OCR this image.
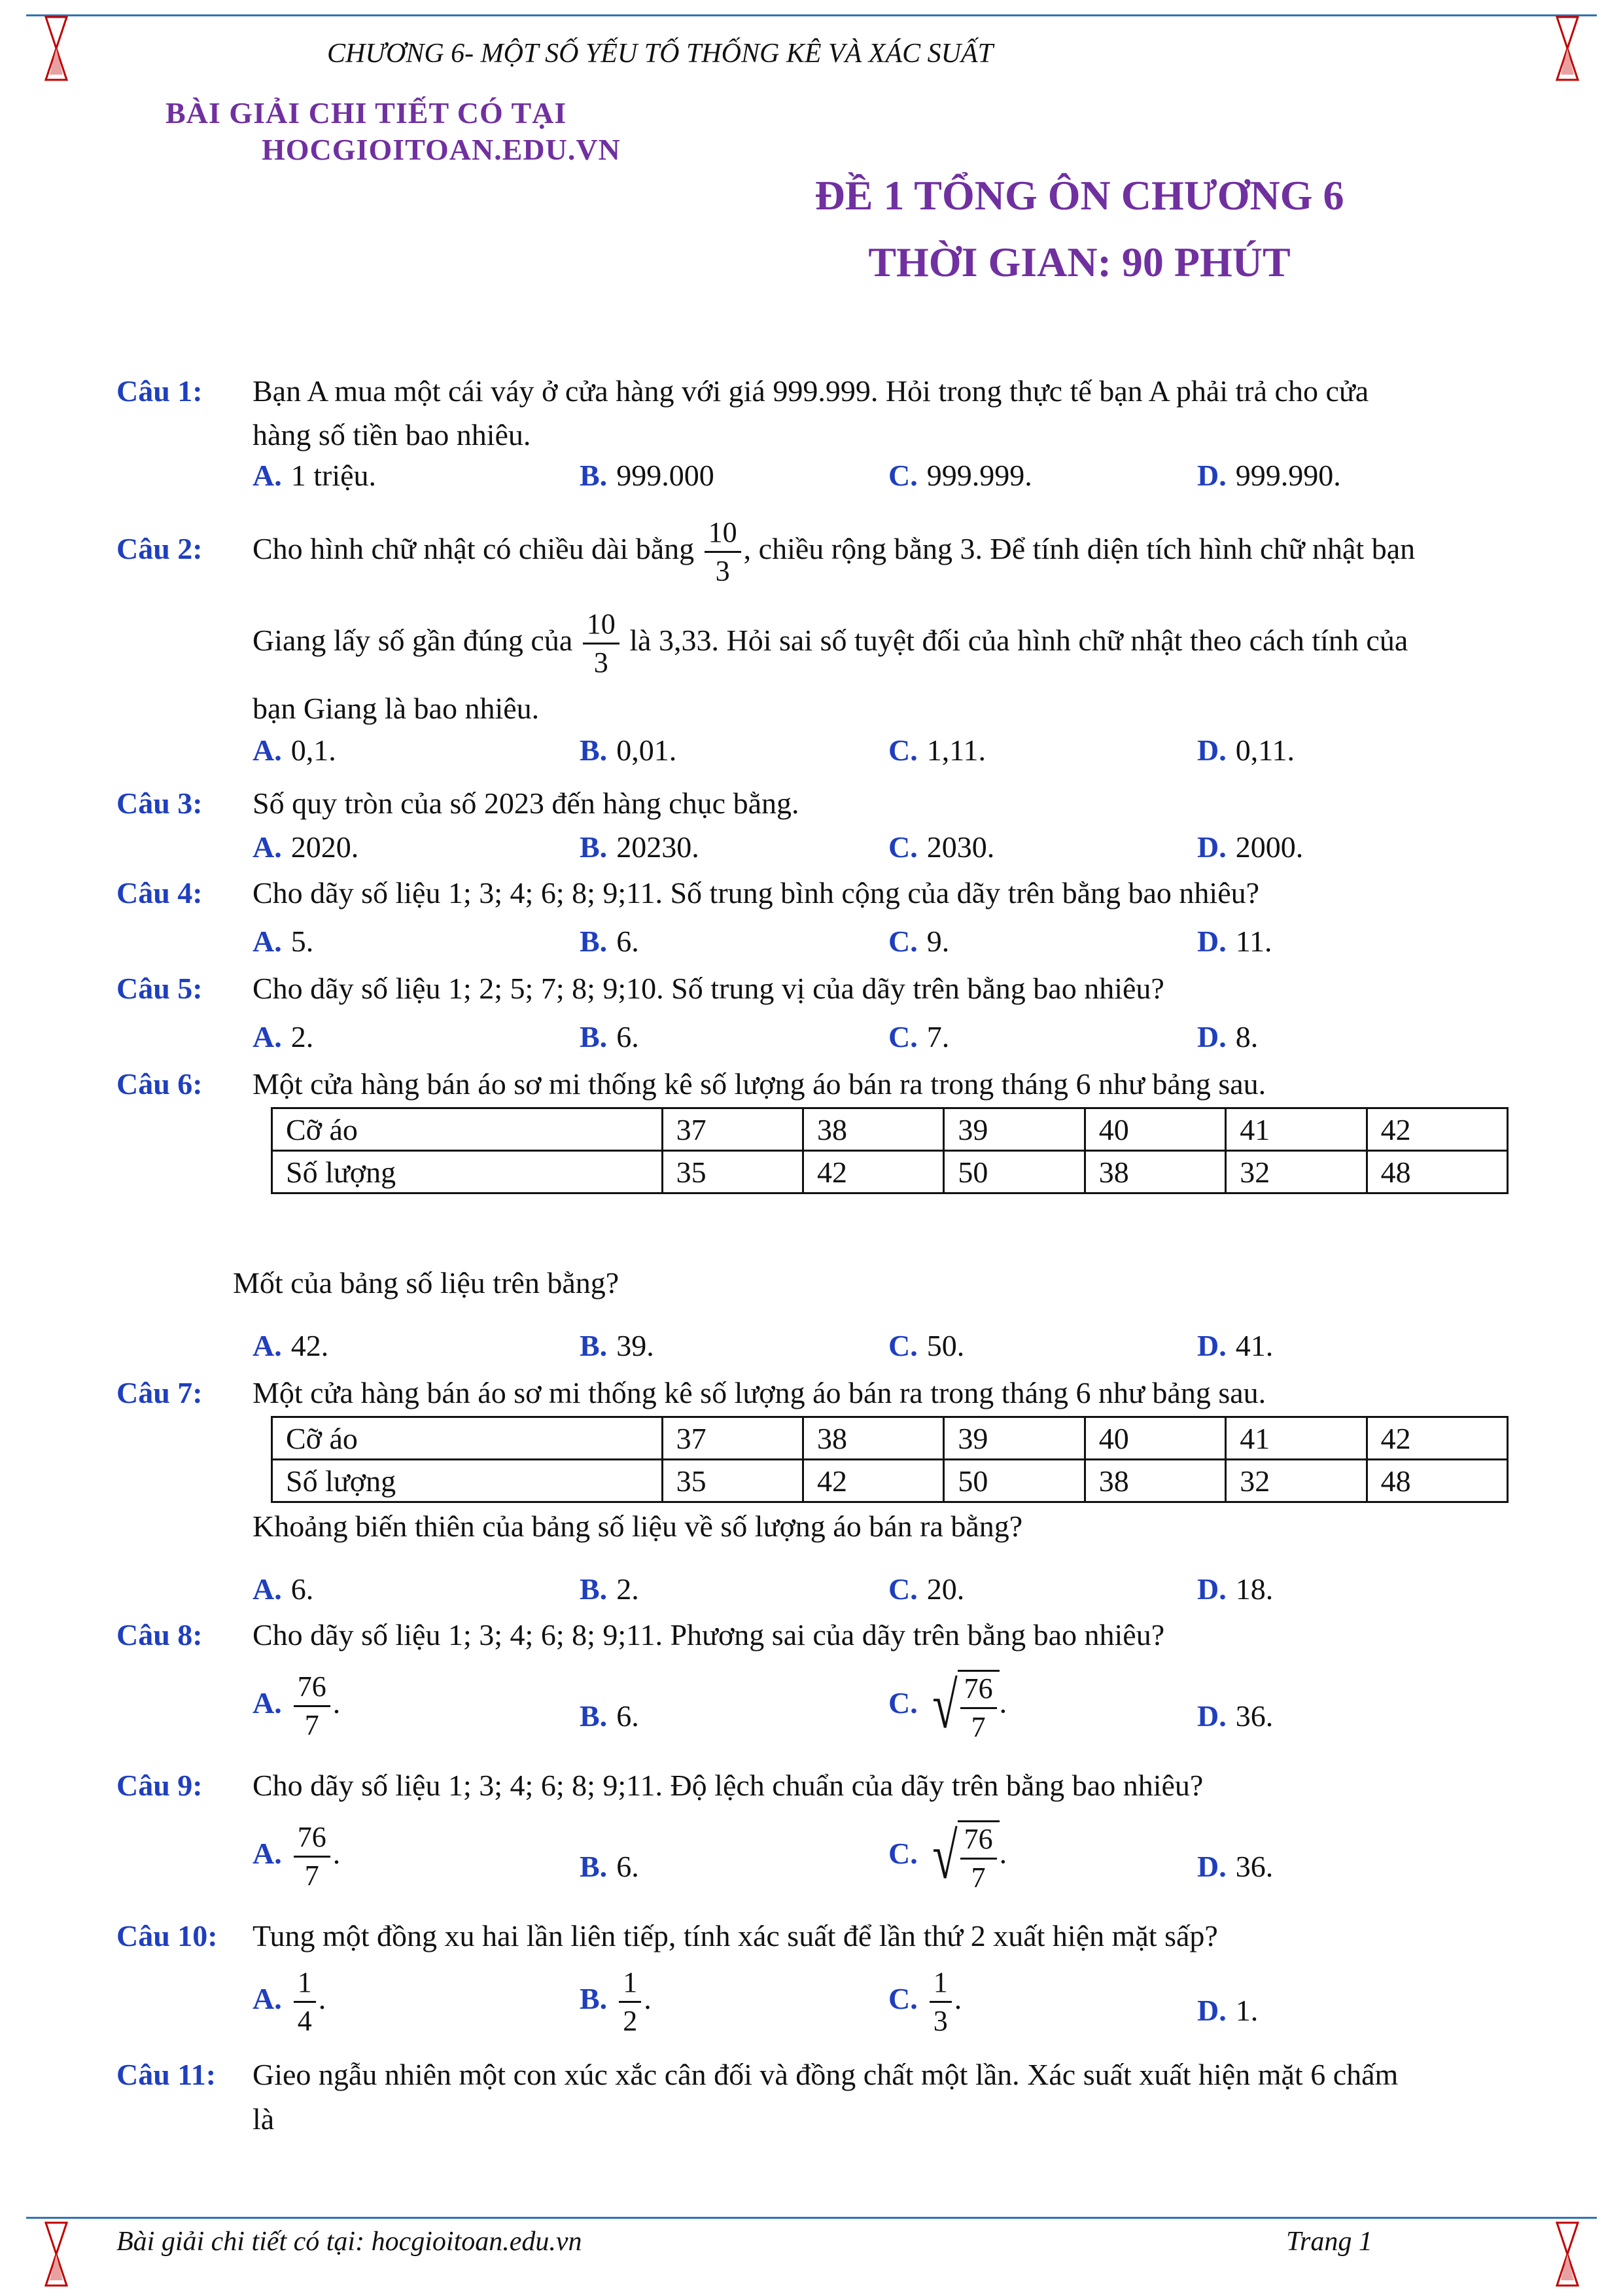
CHƯƠNG 6- MỘT SỐ YẾU TỐ THỐNG KÊ VÀ XÁC SUẤT
BÀI GIẢI CHI TIẾT CÓ TẠI
HOCGIOITOAN.EDU.VN
ĐỀ 1 TỔNG ÔN CHƯƠNG 6
THỜI GIAN: 90 PHÚT
Câu 1:	Bạn A mua một cái váy ở cửa hàng với giá 999.999. Hỏi trong thực tế bạn A phải trả cho cửa
hàng số tiền bao nhiêu.
A. 1 triệu.	B. 999.000	C. 999.999.	D. 999.990.
Câu 2:	Cho hình chữ nhật có chiều dài bằng $\frac{10}{3}$ , chiều rộng bằng 3. Để tính diện tích hình chữ nhật bạn
Giang lấy số gần đúng của $\frac{10}{3}$ là 3,33. Hỏi sai số tuyệt đối của hình chữ nhật theo cách tính của
bạn Giang là bao nhiêu.
A. 0,1.	B. 0,01.	C. 1,11.	D. 0,11.
Câu 3:	Số quy tròn của số 2023 đến hàng chục bằng.
A. 2020.	B. 20230.	C. 2030.	D. 2000.
Câu 4:	Cho dãy số liệu 1; 3; 4; 6; 8; 9;11. Số trung bình cộng của dãy trên bằng bao nhiêu?
A. 5.	B. 6.	C. 9.	D. 11.
Câu 5:	Cho dãy số liệu 1; 2; 5; 7; 8; 9;10. Số trung vị của dãy trên bằng bao nhiêu?
A. 2.	B. 6.	C. 7.	D. 8.
Câu 6:	Một cửa hàng bán áo sơ mi thống kê số lượng áo bán ra trong tháng 6 như bảng sau.
Cỡ áo	37	38	39	40	41	42
Số lượng	35	42	50	38	32	48
Mốt của bảng số liệu trên bằng?
A. 42.	B. 39.	C. 50.	D. 41.
Câu 7:	Một cửa hàng bán áo sơ mi thống kê số lượng áo bán ra trong tháng 6 như bảng sau.
Cỡ áo	37	38	39	40	41	42
Số lượng	35	42	50	38	32	48
Khoảng biến thiên của bảng số liệu về số lượng áo bán ra bằng?
A. 6.	B. 2.	C. 20.	D. 18.
Câu 8:	Cho dãy số liệu 1; 3; 4; 6; 8; 9;11. Phương sai của dãy trên bằng bao nhiêu?
A. $\frac{76}{7}$ .	B. 6.	C. √ $\frac{76}{7}$ .	D. 36.
Câu 9:	Cho dãy số liệu 1; 3; 4; 6; 8; 9;11. Độ lệch chuẩn của dãy trên bằng bao nhiêu?
A. $\frac{76}{7}$ .	B. 6.	C. √ $\frac{76}{7}$ .	D. 36.
Câu 10:	Tung một đồng xu hai lần liên tiếp, tính xác suất để lần thứ 2 xuất hiện mặt sấp?
A. $\frac{1}{4}$ .	B. $\frac{1}{2}$ .	C. $\frac{1}{3}$ .	D. 1.
Câu 11:	Gieo ngẫu nhiên một con xúc xắc cân đối và đồng chất một lần. Xác suất xuất hiện mặt 6 chấm
là
Bài giải chi tiết có tại: hocgioitoan.edu.vn	Trang 1
